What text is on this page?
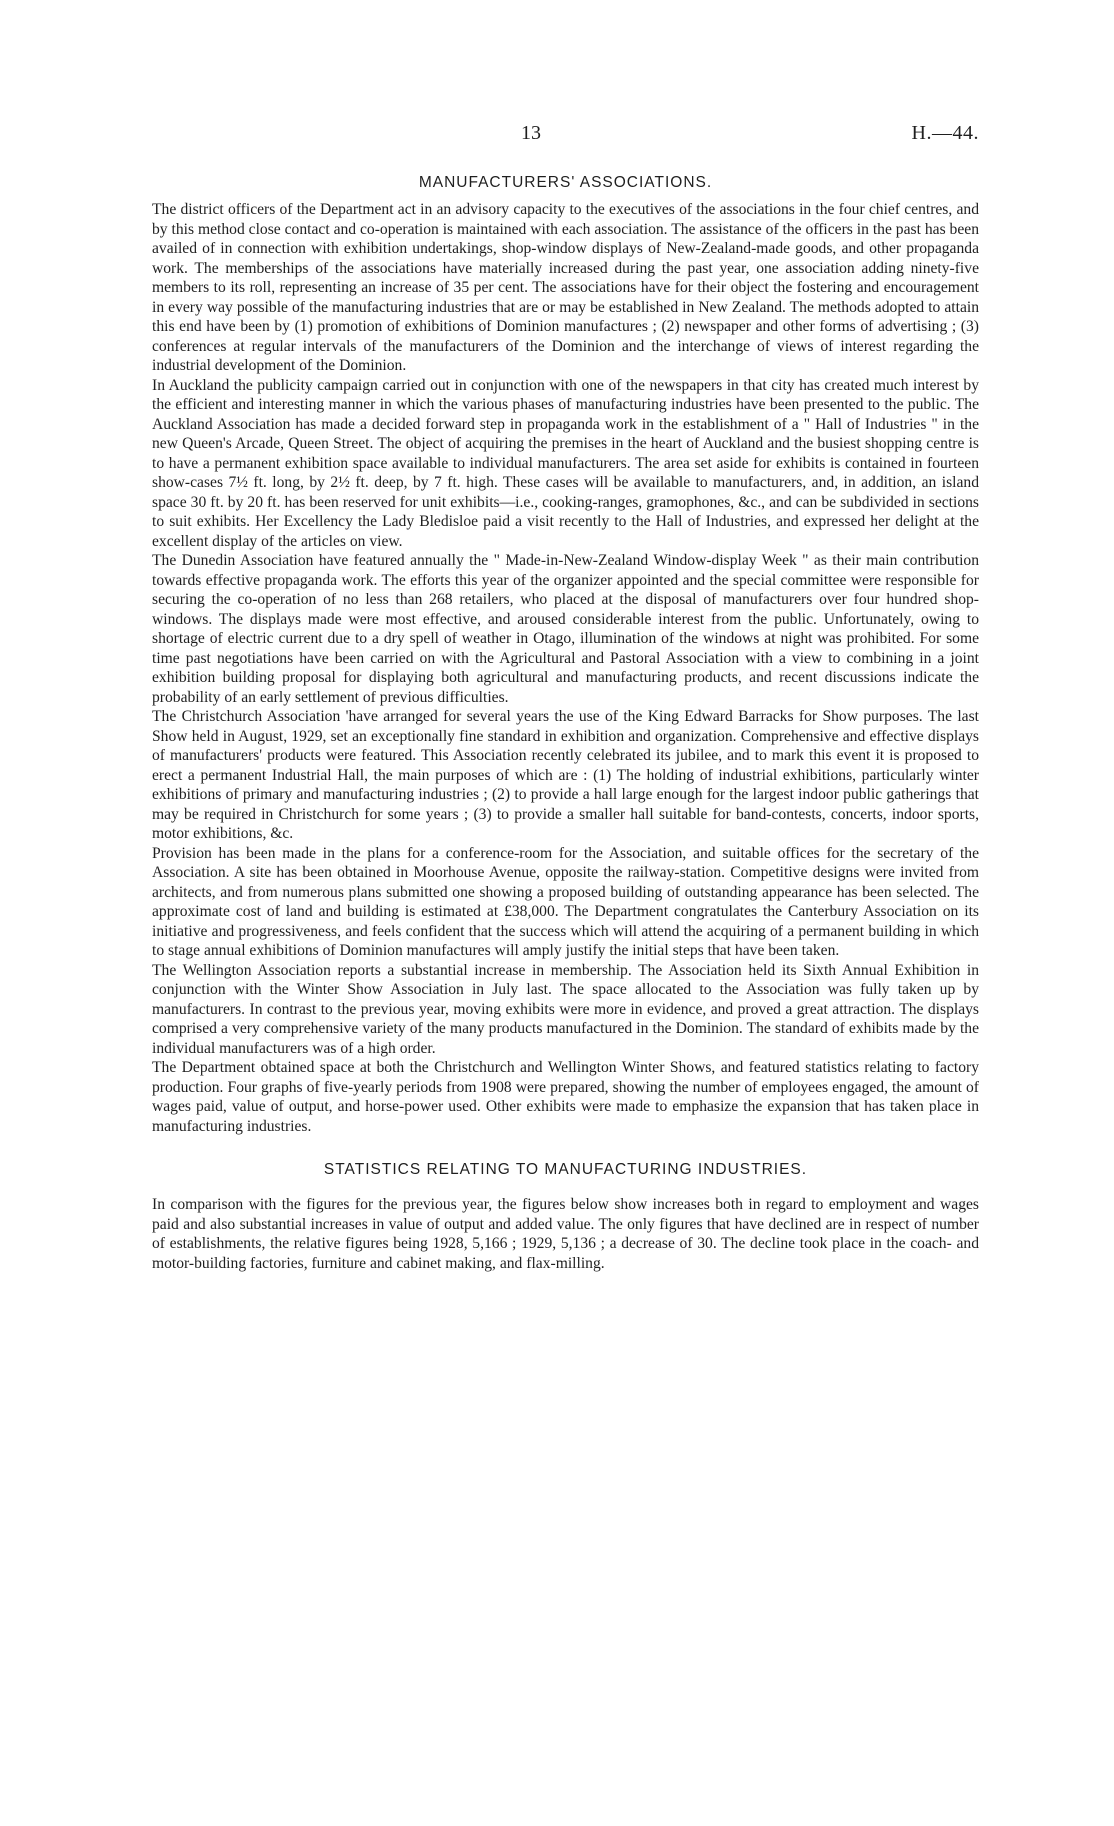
13	H.—44.
MANUFACTURERS' ASSOCIATIONS.

The district officers of the Department act in an advisory capacity to the executives of the associations in the four chief centres, and by this method close contact and co-operation is maintained with each association. The assistance of the officers in the past has been availed of in connection with exhibition undertakings, shop-window displays of New-Zealand-made goods, and other propaganda work. The memberships of the associations have materially increased during the past year, one association adding ninety-five members to its roll, representing an increase of 35 per cent. The associations have for their object the fostering and encouragement in every way possible of the manufacturing industries that are or may be established in New Zealand. The methods adopted to attain this end have been by (1) promotion of exhibitions of Dominion manufactures ; (2) newspaper and other forms of advertising ; (3) conferences at regular intervals of the manufacturers of the Dominion and the interchange of views of interest regarding the industrial development of the Dominion.

In Auckland the publicity campaign carried out in conjunction with one of the newspapers in that city has created much interest by the efficient and interesting manner in which the various phases of manufacturing industries have been presented to the public. The Auckland Association has made a decided forward step in propaganda work in the establishment of a " Hall of Industries " in the new Queen's Arcade, Queen Street. The object of acquiring the premises in the heart of Auckland and the busiest shopping centre is to have a permanent exhibition space available to individual manufacturers. The area set aside for exhibits is contained in fourteen show-cases 7½ ft. long, by 2½ ft. deep, by 7 ft. high. These cases will be available to manufacturers, and, in addition, an island space 30 ft. by 20 ft. has been reserved for unit exhibits—i.e., cooking-ranges, gramophones, &c., and can be subdivided in sections to suit exhibits. Her Excellency the Lady Bledisloe paid a visit recently to the Hall of Industries, and expressed her delight at the excellent display of the articles on view.

The Dunedin Association have featured annually the " Made-in-New-Zealand Window-display Week " as their main contribution towards effective propaganda work. The efforts this year of the organizer appointed and the special committee were responsible for securing the co-operation of no less than 268 retailers, who placed at the disposal of manufacturers over four hundred shop-windows. The displays made were most effective, and aroused considerable interest from the public. Unfortunately, owing to shortage of electric current due to a dry spell of weather in Otago, illumination of the windows at night was prohibited. For some time past negotiations have been carried on with the Agricultural and Pastoral Association with a view to combining in a joint exhibition building proposal for displaying both agricultural and manufacturing products, and recent discussions indicate the probability of an early settlement of previous difficulties.

The Christchurch Association 'have arranged for several years the use of the King Edward Barracks for Show purposes. The last Show held in August, 1929, set an exceptionally fine standard in exhibition and organization. Comprehensive and effective displays of manufacturers' products were featured. This Association recently celebrated its jubilee, and to mark this event it is proposed to erect a permanent Industrial Hall, the main purposes of which are : (1) The holding of industrial exhibitions, particularly winter exhibitions of primary and manufacturing industries ; (2) to provide a hall large enough for the largest indoor public gatherings that may be required in Christchurch for some years ; (3) to provide a smaller hall suitable for band-contests, concerts, indoor sports, motor exhibitions, &c.

Provision has been made in the plans for a conference-room for the Association, and suitable offices for the secretary of the Association. A site has been obtained in Moorhouse Avenue, opposite the railway-station. Competitive designs were invited from architects, and from numerous plans submitted one showing a proposed building of outstanding appearance has been selected. The approximate cost of land and building is estimated at £38,000. The Department congratulates the Canterbury Association on its initiative and progressiveness, and feels confident that the success which will attend the acquiring of a permanent building in which to stage annual exhibitions of Dominion manufactures will amply justify the initial steps that have been taken.

The Wellington Association reports a substantial increase in membership. The Association held its Sixth Annual Exhibition in conjunction with the Winter Show Association in July last. The space allocated to the Association was fully taken up by manufacturers. In contrast to the previous year, moving exhibits were more in evidence, and proved a great attraction. The displays comprised a very comprehensive variety of the many products manufactured in the Dominion. The standard of exhibits made by the individual manufacturers was of a high order.

The Department obtained space at both the Christchurch and Wellington Winter Shows, and featured statistics relating to factory production. Four graphs of five-yearly periods from 1908 were prepared, showing the number of employees engaged, the amount of wages paid, value of output, and horse-power used. Other exhibits were made to emphasize the expansion that has taken place in manufacturing industries.

STATISTICS RELATING TO MANUFACTURING INDUSTRIES.

In comparison with the figures for the previous year, the figures below show increases both in regard to employment and wages paid and also substantial increases in value of output and added value. The only figures that have declined are in respect of number of establishments, the relative figures being 1928, 5,166 ; 1929, 5,136 ; a decrease of 30. The decline took place in the coach- and motor-building factories, furniture and cabinet making, and flax-milling.
